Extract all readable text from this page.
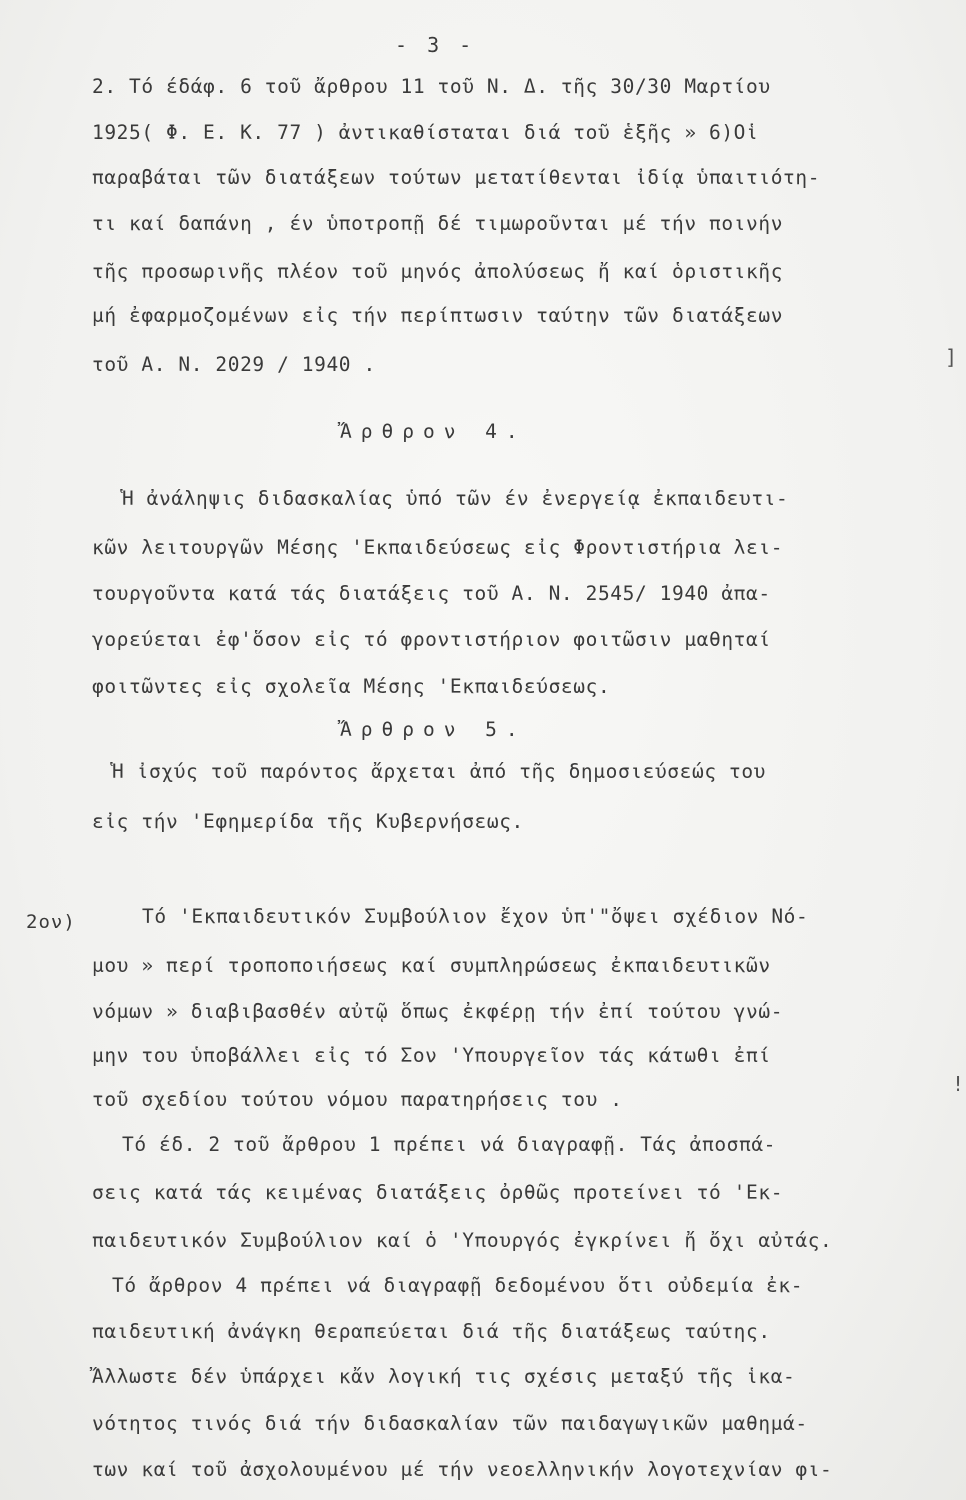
- 3 -
2. Τό έδάφ. 6 τοῦ ἄρθρου 11 τοῦ Ν. Δ. τῆς 30/30 Μαρτίου
1925( Φ. Ε. Κ. 77 ) ἀντικαθίσταται διά τοῦ ἑξῆς » 6)Οἱ
παραβάται τῶν διατάξεων τούτων μετατίθενται ἰδίᾳ ὑπαιτιότη-
τι καί δαπάνη , έν ὑποτροπῇ δέ τιμωροῦνται μέ τήν ποινήν
τῆς προσωρινῆς πλέον τοῦ μηνός ἀπολύσεως ἤ καί ὁριστικῆς
μή ἐφαρμοζομένων εἰς τήν περίπτωσιν ταύτην τῶν διατάξεων
τοῦ Α. Ν. 2029 / 1940 .	]
Ἄρθρον 4.
Ἡ ἀνάληψις διδασκαλίας ὑπό τῶν έν ἐνεργείᾳ ἐκπαιδευτι-
κῶν λειτουργῶν Μέσης 'Εκπαιδεύσεως εἰς Φροντιστήρια λει-
τουργοῦντα κατά τάς διατάξεις τοῦ Α. Ν. 2545/ 1940 ἀπα-
γορεύεται ἐφ'ὅσον εἰς τό φροντιστήριον φοιτῶσιν μαθηταί
φοιτῶντες εἰς σχολεῖα Μέσης 'Εκπαιδεύσεως.
Ἄρθρον 5.
Ἡ ἰσχύς τοῦ παρόντος ἄρχεται ἀπό τῆς δημοσιεύσεώς του
εἰς τήν 'Εφημερίδα τῆς Κυβερνήσεως.
2ον)	Τό 'Εκπαιδευτικόν Συμβούλιον ἔχον ὑπ'"ὄψει σχέδιον Νό-
μου » περί τροποποιήσεως καί συμπληρώσεως ἐκπαιδευτικῶν
νόμων » διαβιβασθέν αὐτῷ ὅπως ἐκφέρῃ τήν ἐπί τούτου γνώ-
μην του ὑποβάλλει εἰς τό Σον 'Υπουργεῖον τάς κάτωθι ἐπί
τοῦ σχεδίου τούτου νόμου παρατηρήσεις του .
Τό έδ. 2 τοῦ ἄρθρου 1 πρέπει νά διαγραφῇ. Τάς ἀποσπά-
σεις κατά τάς κειμένας διατάξεις ὀρθῶς προτείνει τό 'Εκ-
παιδευτικόν Συμβούλιον καί ὁ 'Υπουργός ἐγκρίνει ἤ ὄχι αὐτάς.
Τό ἄρθρον 4 πρέπει νά διαγραφῇ δεδομένου ὅτι οὐδεμία ἐκ-
παιδευτική ἀνάγκη θεραπεύεται διά τῆς διατάξεως ταύτης.
Ἄλλωστε δέν ὑπάρχει κἄν λογική τις σχέσις μεταξύ τῆς ἱκα-
νότητος τινός διά τήν διδασκαλίαν τῶν παιδαγωγικῶν μαθημά-
των καί τοῦ ἀσχολουμένου μέ τήν νεοελληνικήν λογοτεχνίαν φι-
!
